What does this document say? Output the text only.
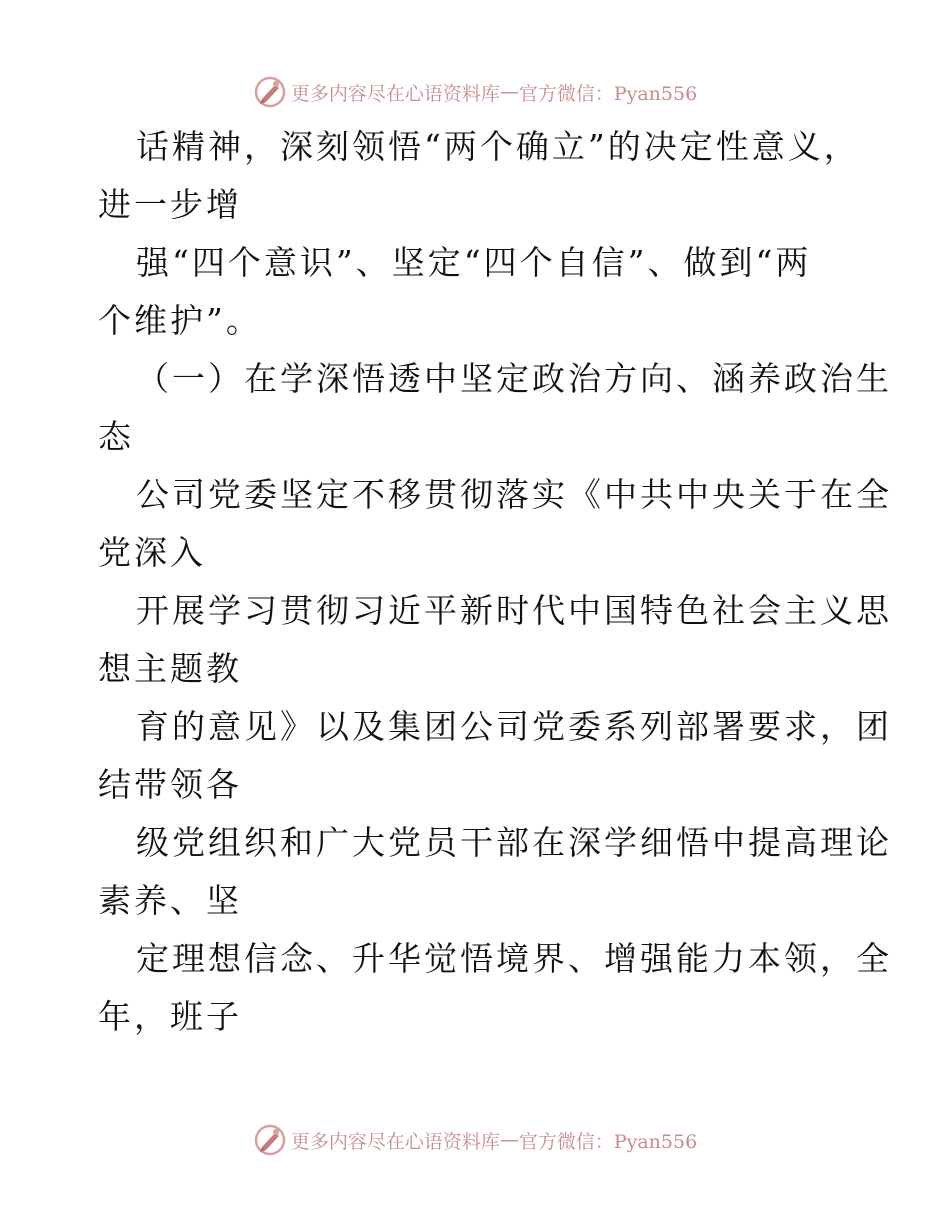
更多内容尽在心语资料库 — 官方微信：Pyan556
话精神，深刻领悟“两个确立”的决定性意义，
进一步增
强“四个意识”、坚定“四个自信”、做到“两
个维护”。
（一）在学深悟透中坚定政治方向、涵养政治生
态
公司党委坚定不移贯彻落实《中共中央关于在全
党深入
开展学习贯彻习近平新时代中国特色社会主义思
想主题教
育的意见》以及集团公司党委系列部署要求，团
结带领各
级党组织和广大党员干部在深学细悟中提高理论
素养、坚
定理想信念、升华觉悟境界、增强能力本领，全
年，班子
更多内容尽在心语资料库 — 官方微信：Pyan556
